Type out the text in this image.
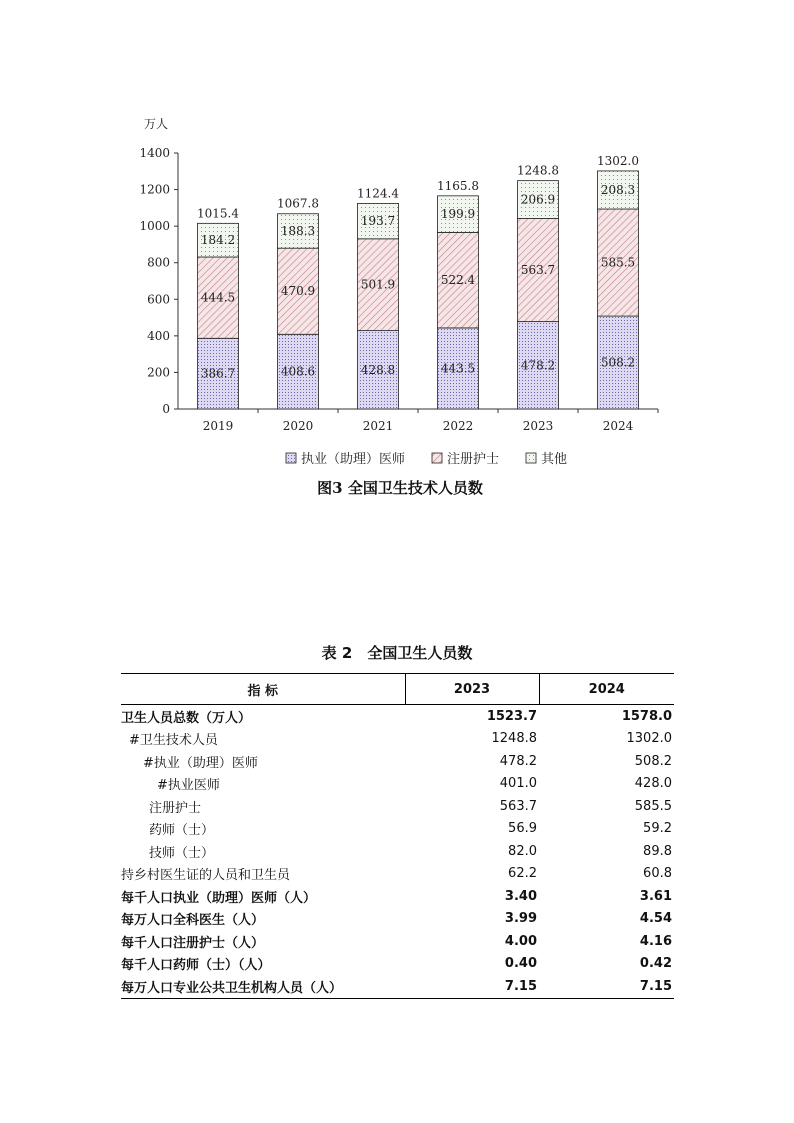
万人
0
200
400
600
800
1000
1200
1400
386.7
444.5
184.2
1015.4
2019
408.6
470.9
188.3
1067.8
2020
428.8
501.9
193.7
1124.4
2021
443.5
522.4
199.9
1165.8
2022
478.2
563.7
206.9
1248.8
2023
508.2
585.5
208.3
1302.0
2024
执业（助理）医师	注册护士	其他
图3 全国卫生技术人员数
表 2　全国卫生人员数
指 标	2023	2024
卫生人员总数（万人）	1523.7	1578.0
#卫生技术人员	1248.8	1302.0
#执业（助理）医师	478.2	508.2
#执业医师	401.0	428.0
注册护士	563.7	585.5
药师（士）	56.9	59.2
技师（士）	82.0	89.8
持乡村医生证的人员和卫生员	62.2	60.8
每千人口执业（助理）医师（人）	3.40	3.61
每万人口全科医生（人）	3.99	4.54
每千人口注册护士（人）	4.00	4.16
每千人口药师（士）（人）	0.40	0.42
每万人口专业公共卫生机构人员（人）	7.15	7.15
